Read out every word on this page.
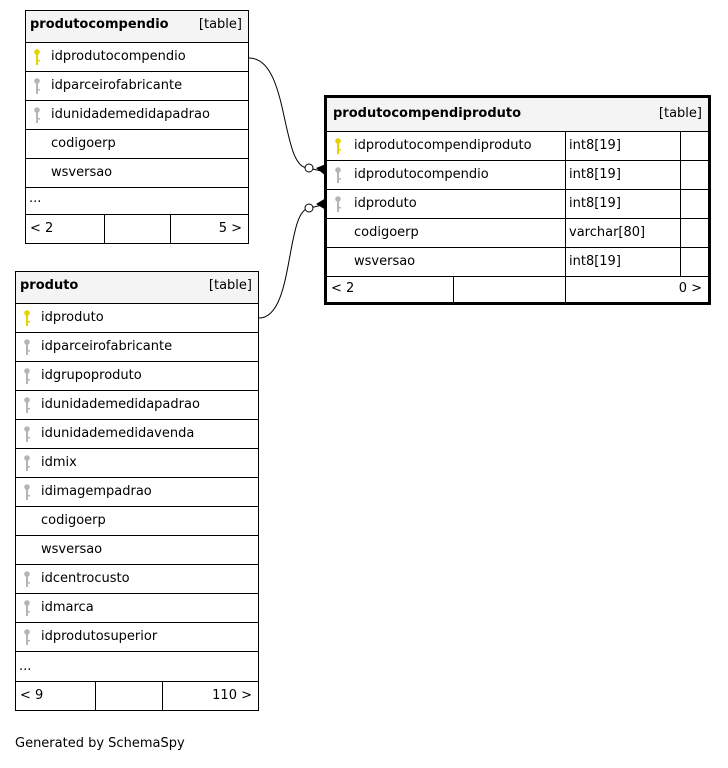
produtocompendio [table]
...
< 2	5 >
idprodutocompendio
idparceirofabricante
idunidademedidapadrao
codigoerp
wsversao
produtocompendiproduto	[table]
< 2	0 >
idprodutocompendiproduto	int8[19]
idprodutocompendio	int8[19]
idproduto	int8[19]
codigoerp	varchar[80]
wsversao	int8[19]
produto	[table]
...
< 9	110 >
idproduto
idparceirofabricante
idgrupoproduto
idunidademedidapadrao
idunidademedidavenda
idmix
idimagempadrao
codigoerp
wsversao
idcentrocusto
idmarca
idprodutosuperior
Generated by SchemaSpy
